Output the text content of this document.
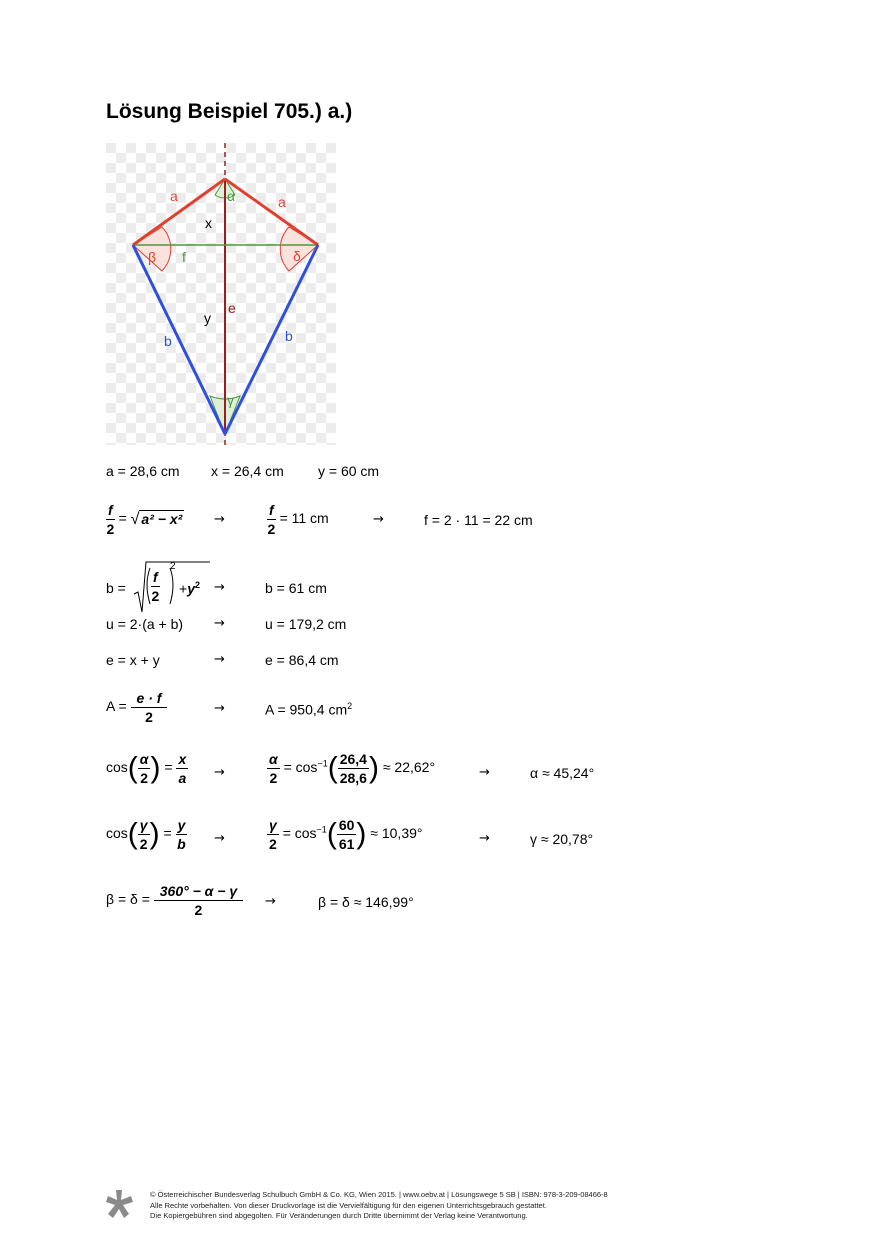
Lösung Beispiel 705.) a.)
a	a
α
x
β f	δ
e
y
b	b
γ
a = 28,6 cm x = 26,4 cm y = 60 cm
$\frac{f}{2}$ = √ a² − x² →	$\frac{f}{2} = 11$ cm	→	f = 2 · 11 = 22 cm
$b = \frac{f}{2}$
2
$+y^2$ →	b = 61 cm
u = 2·(a + b) →	u = 179,2 cm
e = x + y	→	e = 86,4 cm
$A = \frac{e \cdot f}{2}$	→	A = 950,4 $cm^2$
$\cos( \frac{\alpha}{2}$ ) = $\frac{x}{a}$ →	$\frac{\alpha}{2} = \cos^{-1}( \frac{26,4}{28,6}$ ) ≈ 22,62°	→	α ≈ 45,24°
$\cos( \frac{\gamma}{2}$ ) = $\frac{y}{b}$ →	$\frac{\gamma}{2} = \cos^{-1}( \frac{60}{61}$ ) ≈ 10,39°	→	γ ≈ 20,78°
$\beta = \delta = \frac{360^\circ - \alpha - \gamma}{2}$ →	β = δ ≈ 146,99°
© Österreichischer Bundesverlag Schulbuch GmbH & Co. KG, Wien 2015. | www.oebv.at | Lösungswege 5 SB | ISBN: 978-3-209-08466-8
Alle Rechte vorbehalten. Von dieser Druckvorlage ist die Vervielfältigung für den eigenen Unterrichtsgebrauch gestattet.
Die Kopiergebühren sind abgegolten. Für Veränderungen durch Dritte übernimmt der Verlag keine Verantwortung.
